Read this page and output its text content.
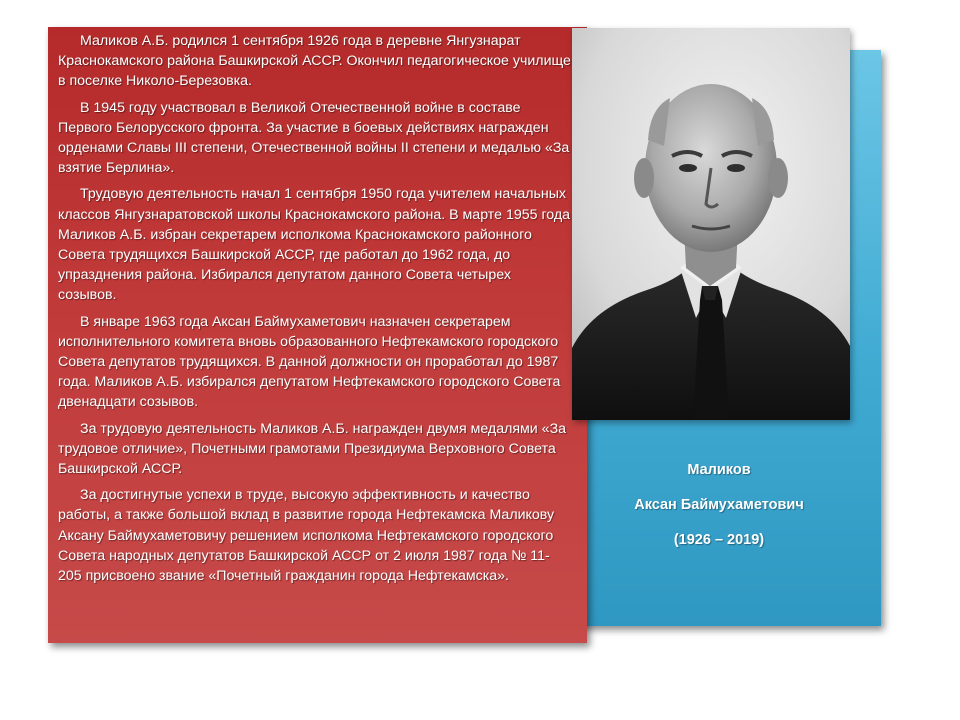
Маликов А.Б. родился 1 сентября 1926 года в деревне Янгузнарат Краснокамского района Башкирской АССР. Окончил педагогическое училище в поселке Николо-Березовка.

В 1945 году участвовал в Великой Отечественной войне в составе Первого Белорусского фронта. За участие в боевых действиях награжден орденами Славы III степени, Отечественной войны II степени и медалью «За взятие Берлина».

Трудовую деятельность начал 1 сентября 1950 года учителем начальных классов Янгузнаратовской школы Краснокамского района. В марте 1955 года Маликов А.Б. избран секретарем исполкома Краснокамского районного Совета трудящихся Башкирской АССР, где работал до 1962 года, до упразднения района. Избирался депутатом данного Совета четырех созывов.

В январе 1963 года Аксан Баймухаметович назначен секретарем исполнительного комитета вновь образованного Нефтекамского городского Совета депутатов трудящихся. В данной должности он проработал до 1987 года. Маликов А.Б. избирался депутатом Нефтекамского городского Совета двенадцати созывов.

За трудовую деятельность Маликов А.Б. награжден двумя медалями «За трудовое отличие», Почетными грамотами Президиума Верховного Совета Башкирской АССР.

За достигнутые успехи в труде, высокую эффективность и качество работы, а также большой вклад в развитие города Нефтекамска Маликову Аксану Баймухаметовичу решением исполкома Нефтекамского городского Совета народных депутатов Башкирской АССР от 2 июля 1987 года № 11-205 присвоено звание «Почетный гражданин города Нефтекамска».

Маликов
Аксан Баймухаметович
(1926 – 2019)
